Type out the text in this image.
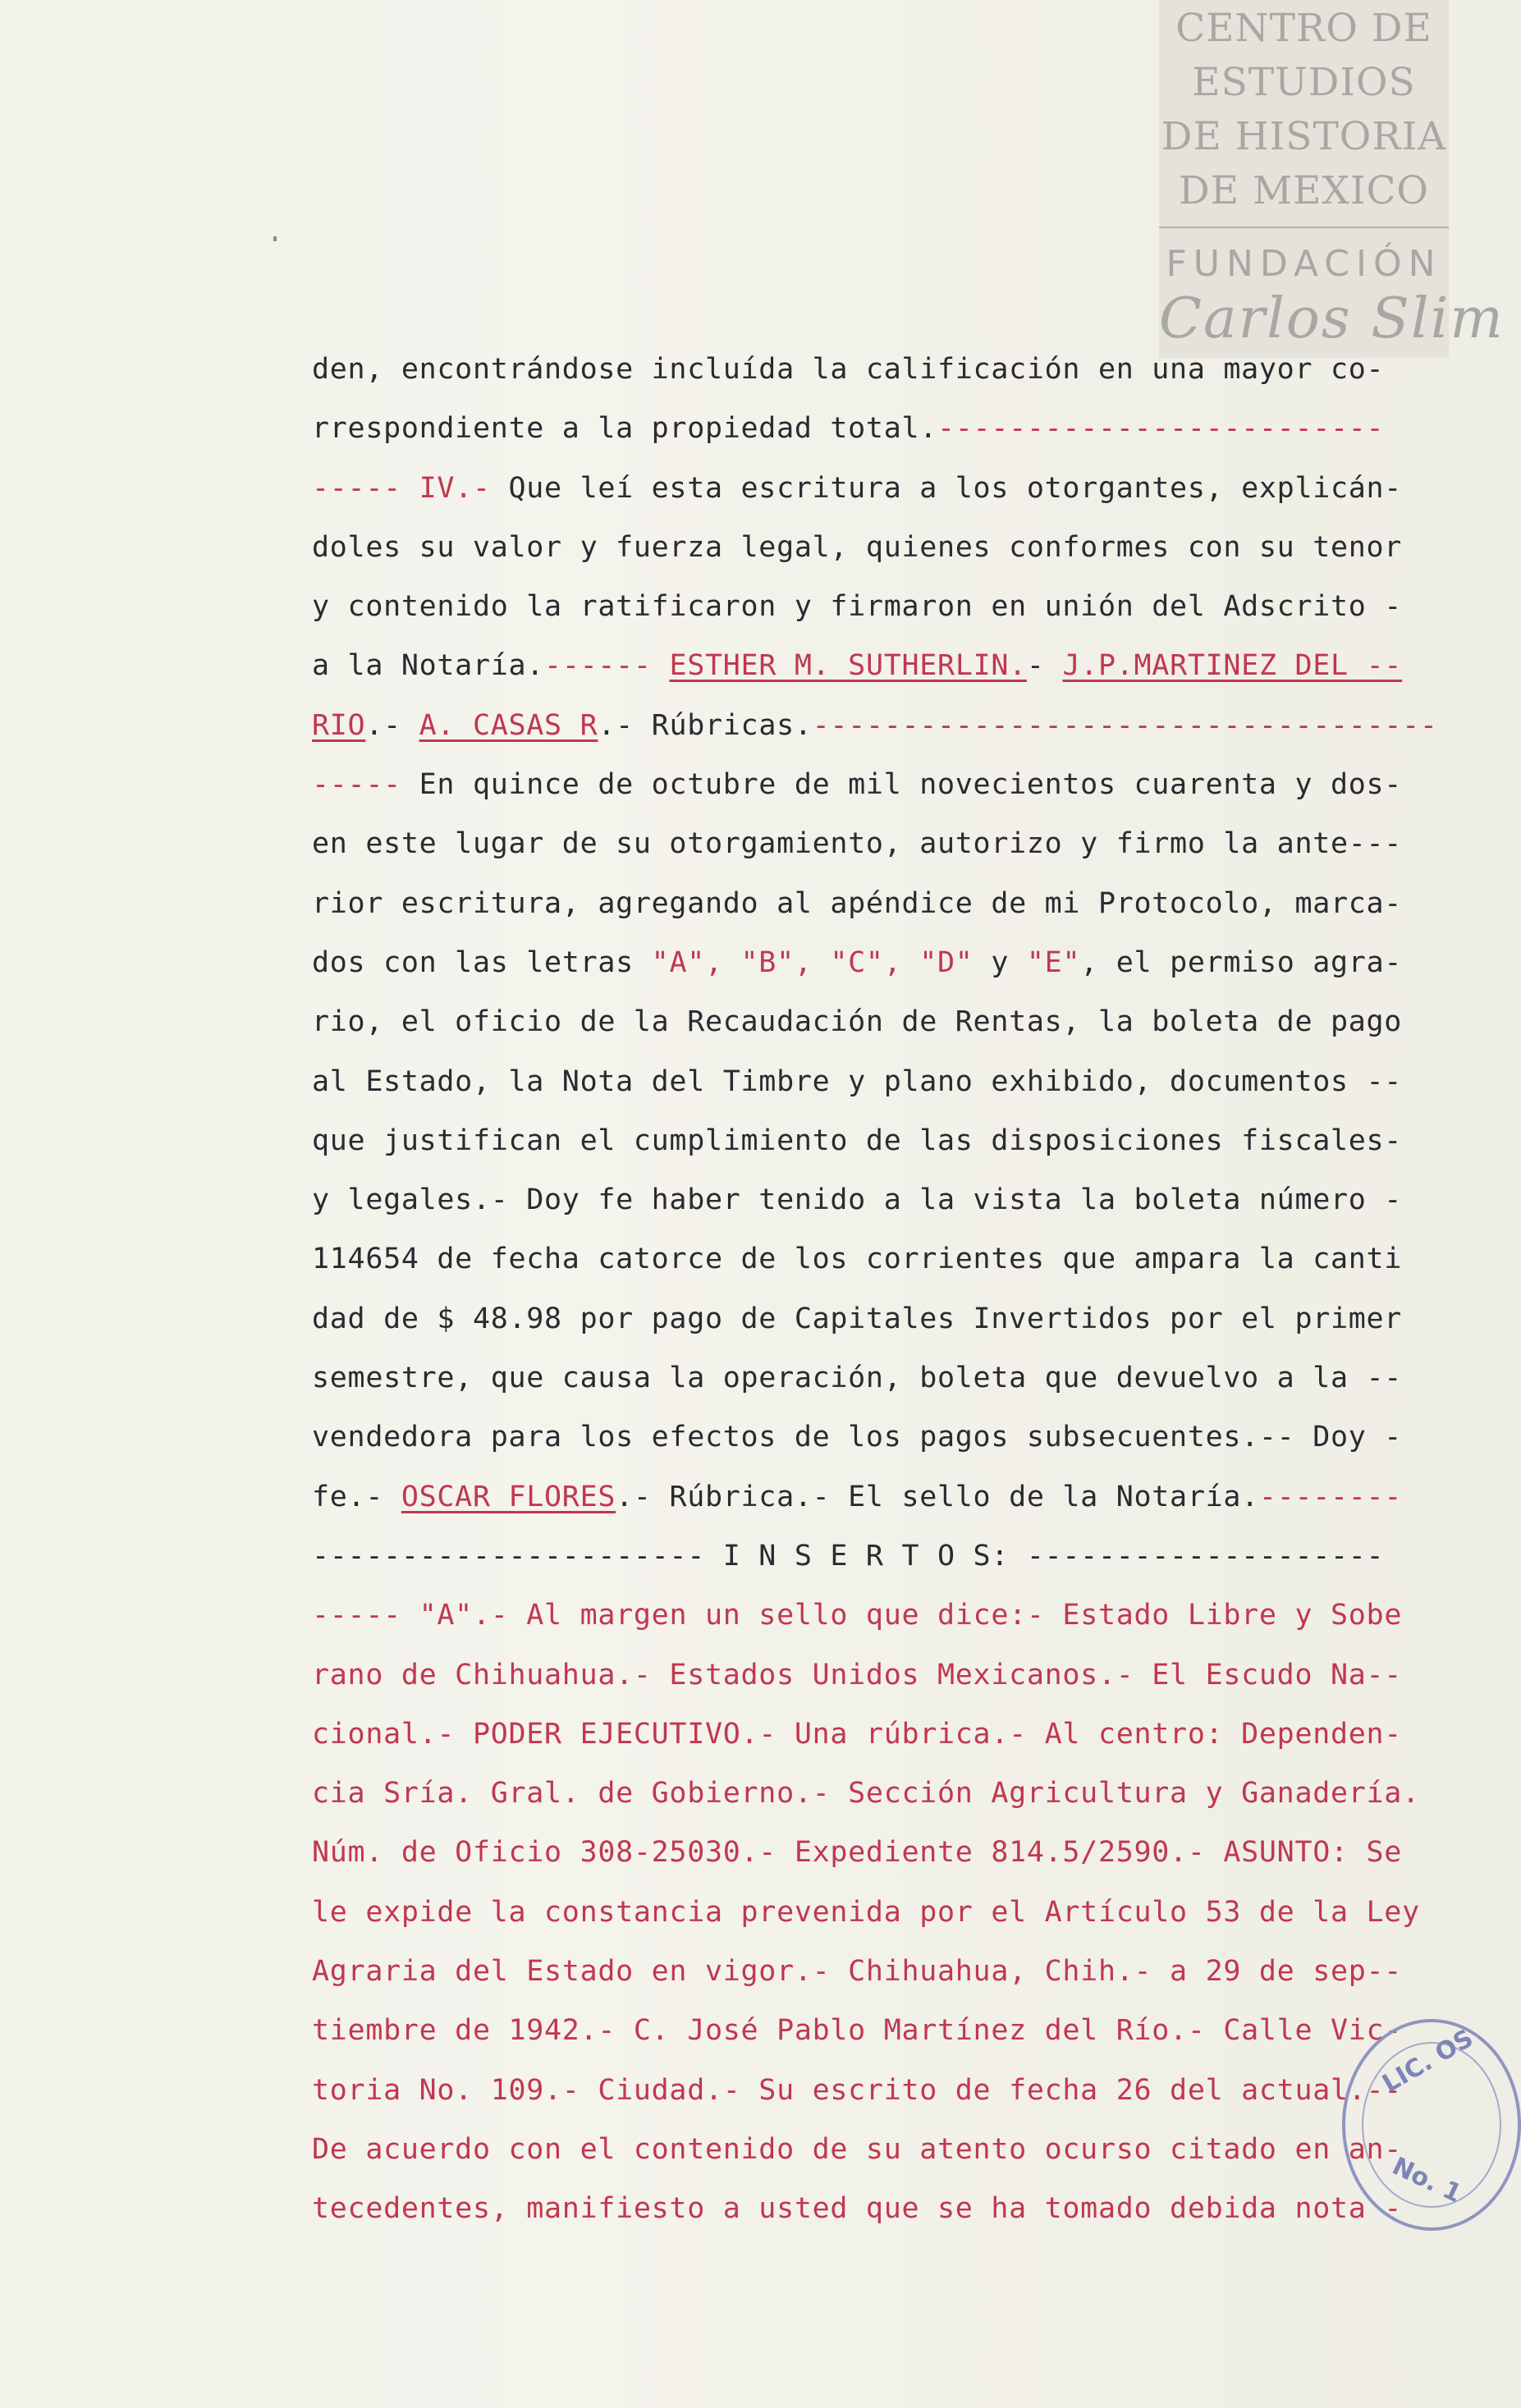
CENTRO DE
ESTUDIOS
DE HISTORIA
DE MEXICO
FUNDACIÓN
Carlos Slim
den, encontrándose incluída la calificación en una mayor co-
rrespondiente a la propiedad total.-------------------------
----- IV.- Que leí esta escritura a los otorgantes, explicán-
doles su valor y fuerza legal, quienes conformes con su tenor
y contenido la ratificaron y firmaron en unión del Adscrito -
a la Notaría.------ ESTHER M. SUTHERLIN.- J.P.MARTINEZ DEL --
RIO.- A. CASAS R.- Rúbricas.-----------------------------------
----- En quince de octubre de mil novecientos cuarenta y dos-
en este lugar de su otorgamiento, autorizo y firmo la ante---
rior escritura, agregando al apéndice de mi Protocolo, marca-
dos con las letras "A", "B", "C", "D" y "E", el permiso agra-
rio, el oficio de la Recaudación de Rentas, la boleta de pago
al Estado, la Nota del Timbre y plano exhibido, documentos --
que justifican el cumplimiento de las disposiciones fiscales-
y legales.- Doy fe haber tenido a la vista la boleta número -
114654 de fecha catorce de los corrientes que ampara la canti
dad de $ 48.98 por pago de Capitales Invertidos por el primer
semestre, que causa la operación, boleta que devuelvo a la --
vendedora para los efectos de los pagos subsecuentes.-- Doy -
fe.- OSCAR FLORES.- Rúbrica.- El sello de la Notaría.--------
---------------------- I N S E R T O S: --------------------
----- "A".- Al margen un sello que dice:- Estado Libre y Sobe
rano de Chihuahua.- Estados Unidos Mexicanos.- El Escudo Na--
cional.- PODER EJECUTIVO.- Una rúbrica.- Al centro: Dependen-
cia Sría. Gral. de Gobierno.- Sección Agricultura y Ganadería.
Núm. de Oficio 308-25030.- Expediente 814.5/2590.- ASUNTO: Se
le expide la constancia prevenida por el Artículo 53 de la Ley
Agraria del Estado en vigor.- Chihuahua, Chih.- a 29 de sep--
tiembre de 1942.- C. José Pablo Martínez del Río.- Calle Vic-
toria No. 109.- Ciudad.- Su escrito de fecha 26 del actual.--
De acuerdo con el contenido de su atento ocurso citado en an-
tecedentes, manifiesto a usted que se ha tomado debida nota -
LIC. OS
No. 1
